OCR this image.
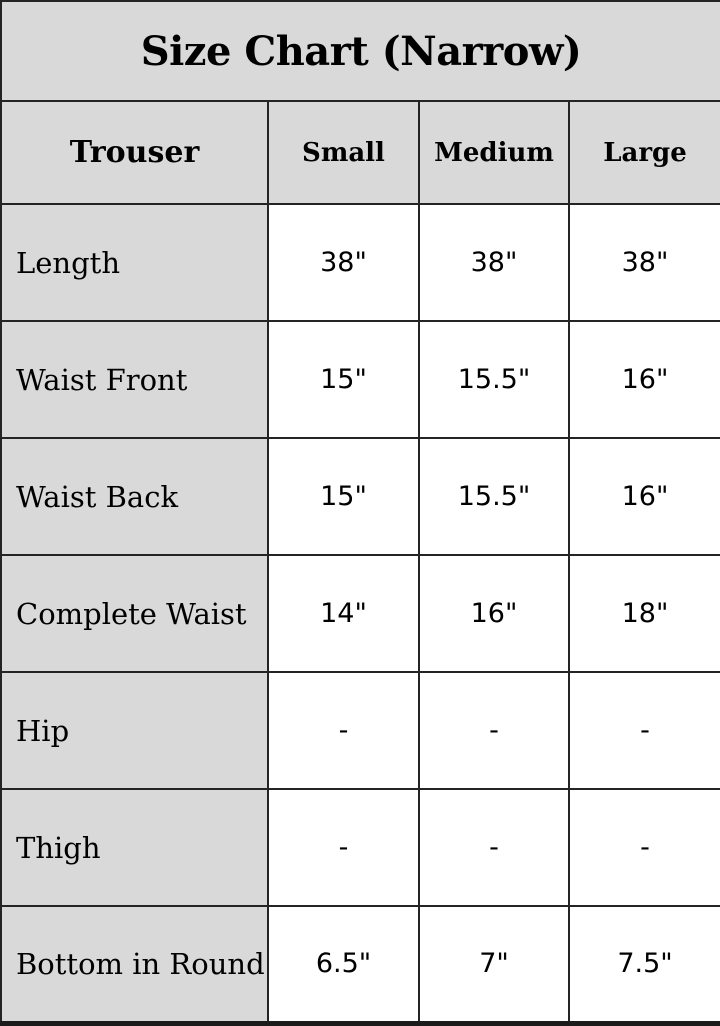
Size Chart (Narrow)			
Trouser	Small	Medium	Large
Length	38"	38"	38"
Waist Front	15"	15.5"	16"
Waist Back	15"	15.5"	16"
Complete Waist	14"	16"	18"
Hip	-	-	-
Thigh	-	-	-
Bottom in Round	6.5"	7"	7.5"
